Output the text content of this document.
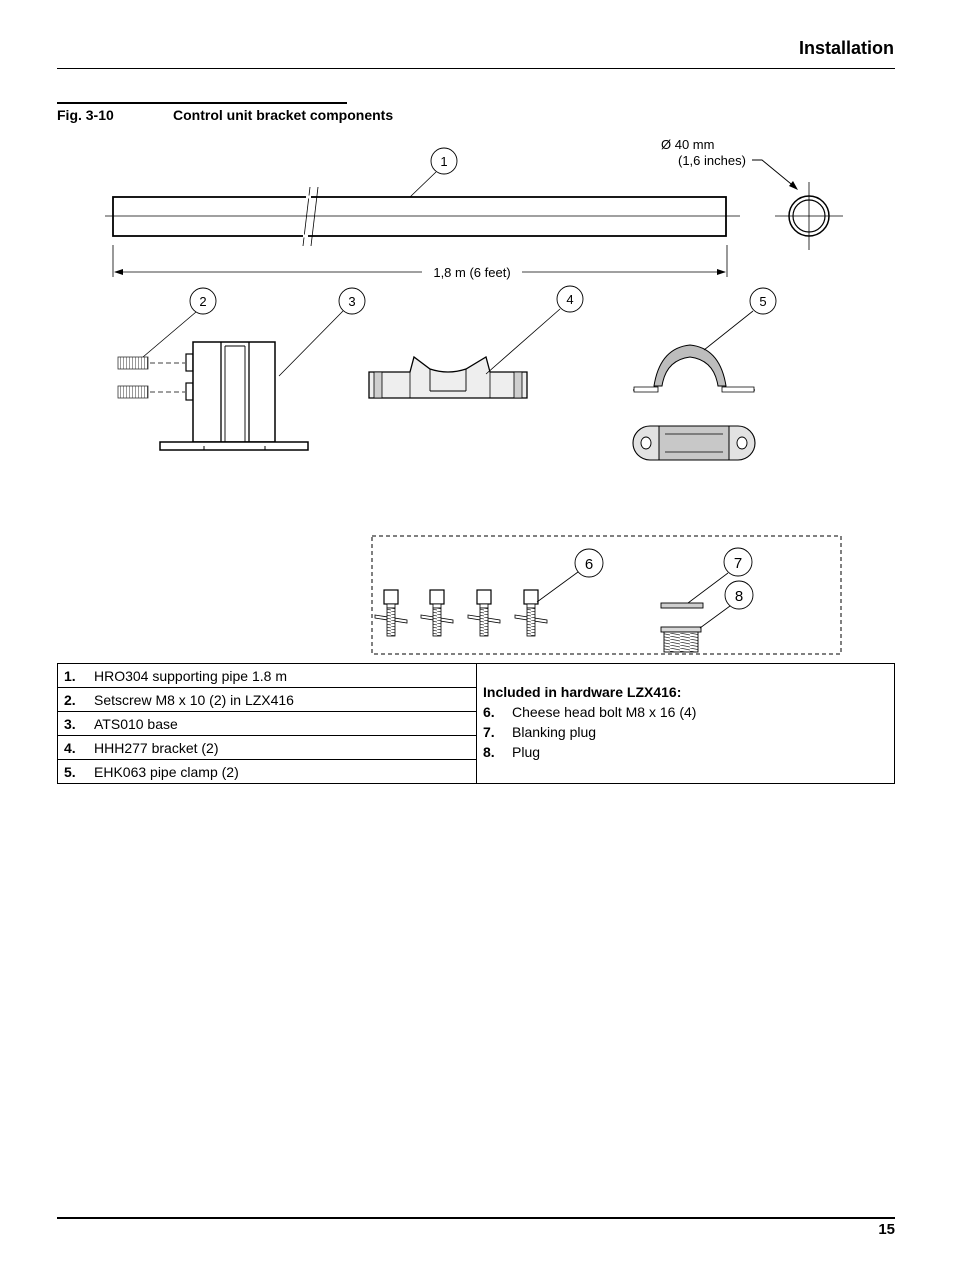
Installation
Fig. 3-10	Control unit bracket components
1
Ø 40 mm
(1,6 inches)
1,8 m (6 feet)
2	3	4	5
6	7
8
1.	HRO304 supporting pipe 1.8 m

Included in hardware LZX416:
6.	Cheese head bolt M8 x 16 (4)
7.	Blanking plug
8.	Plug

2.	Setscrew M8 x 10 (2) in LZX416

3.	ATS010 base

4.	HHH277 bracket (2)

5.	EHK063 pipe clamp (2)
15
